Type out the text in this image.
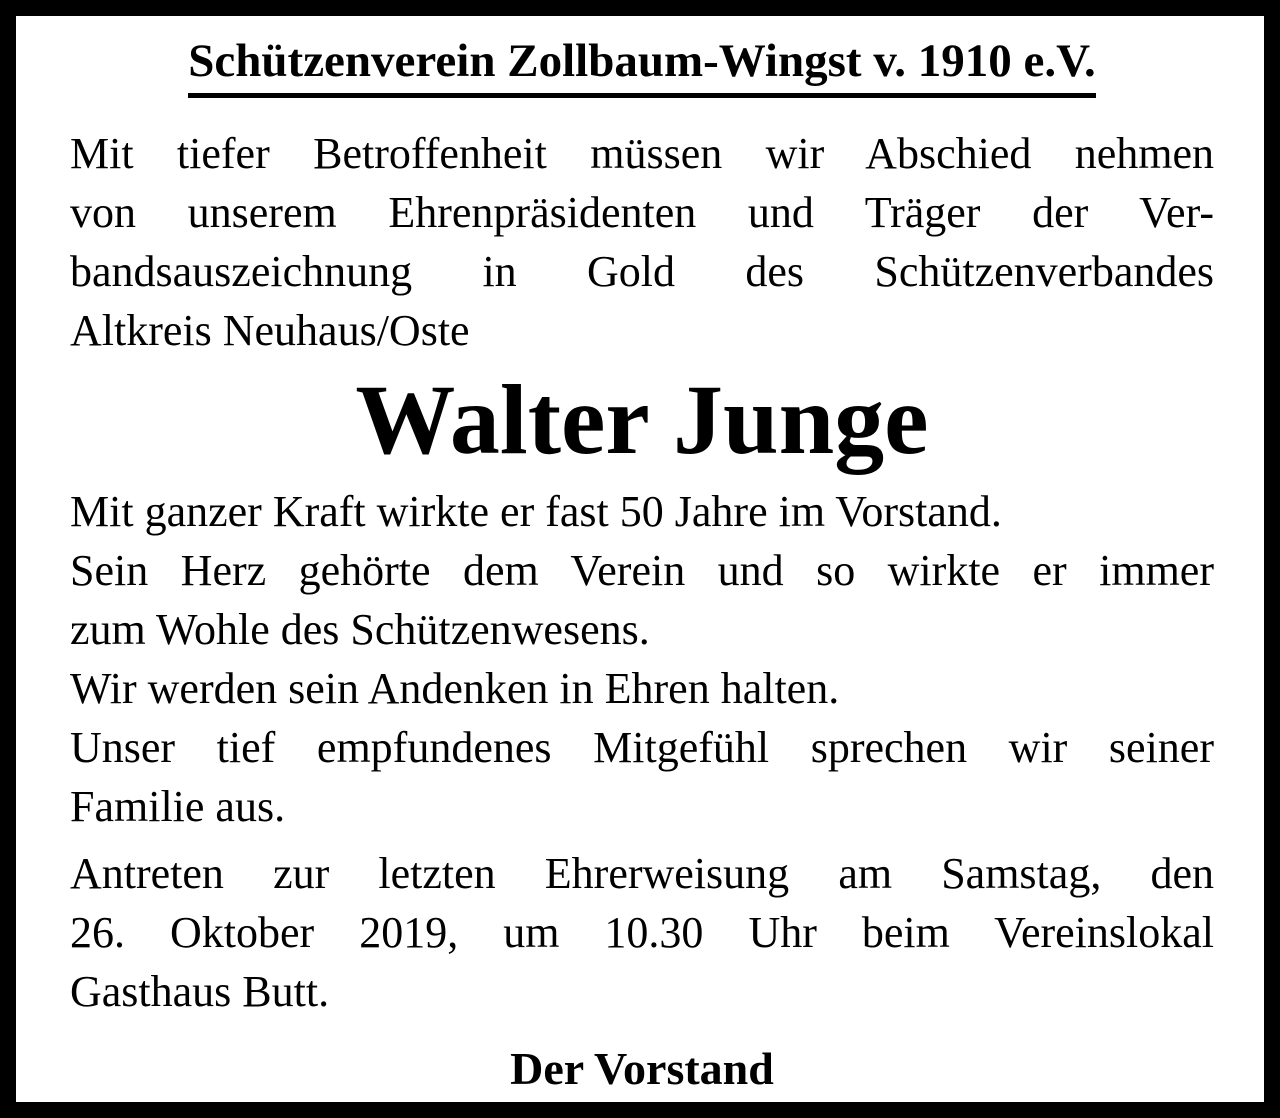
Schützenverein Zollbaum-Wingst v. 1910 e.V.
Mit tiefer Betroffenheit müssen wir Abschied nehmen
von unserem Ehrenpräsidenten und Träger der Ver-
bandsauszeichnung in Gold des Schützenverbandes
Altkreis Neuhaus/Oste
Walter Junge
Mit ganzer Kraft wirkte er fast 50 Jahre im Vorstand.
Sein Herz gehörte dem Verein und so wirkte er immer
zum Wohle des Schützenwesens.
Wir werden sein Andenken in Ehren halten.
Unser tief empfundenes Mitgefühl sprechen wir seiner
Familie aus.
Antreten zur letzten Ehrerweisung am Samstag, den
26. Oktober 2019, um 10.30 Uhr beim Vereinslokal
Gasthaus Butt.
Der Vorstand
